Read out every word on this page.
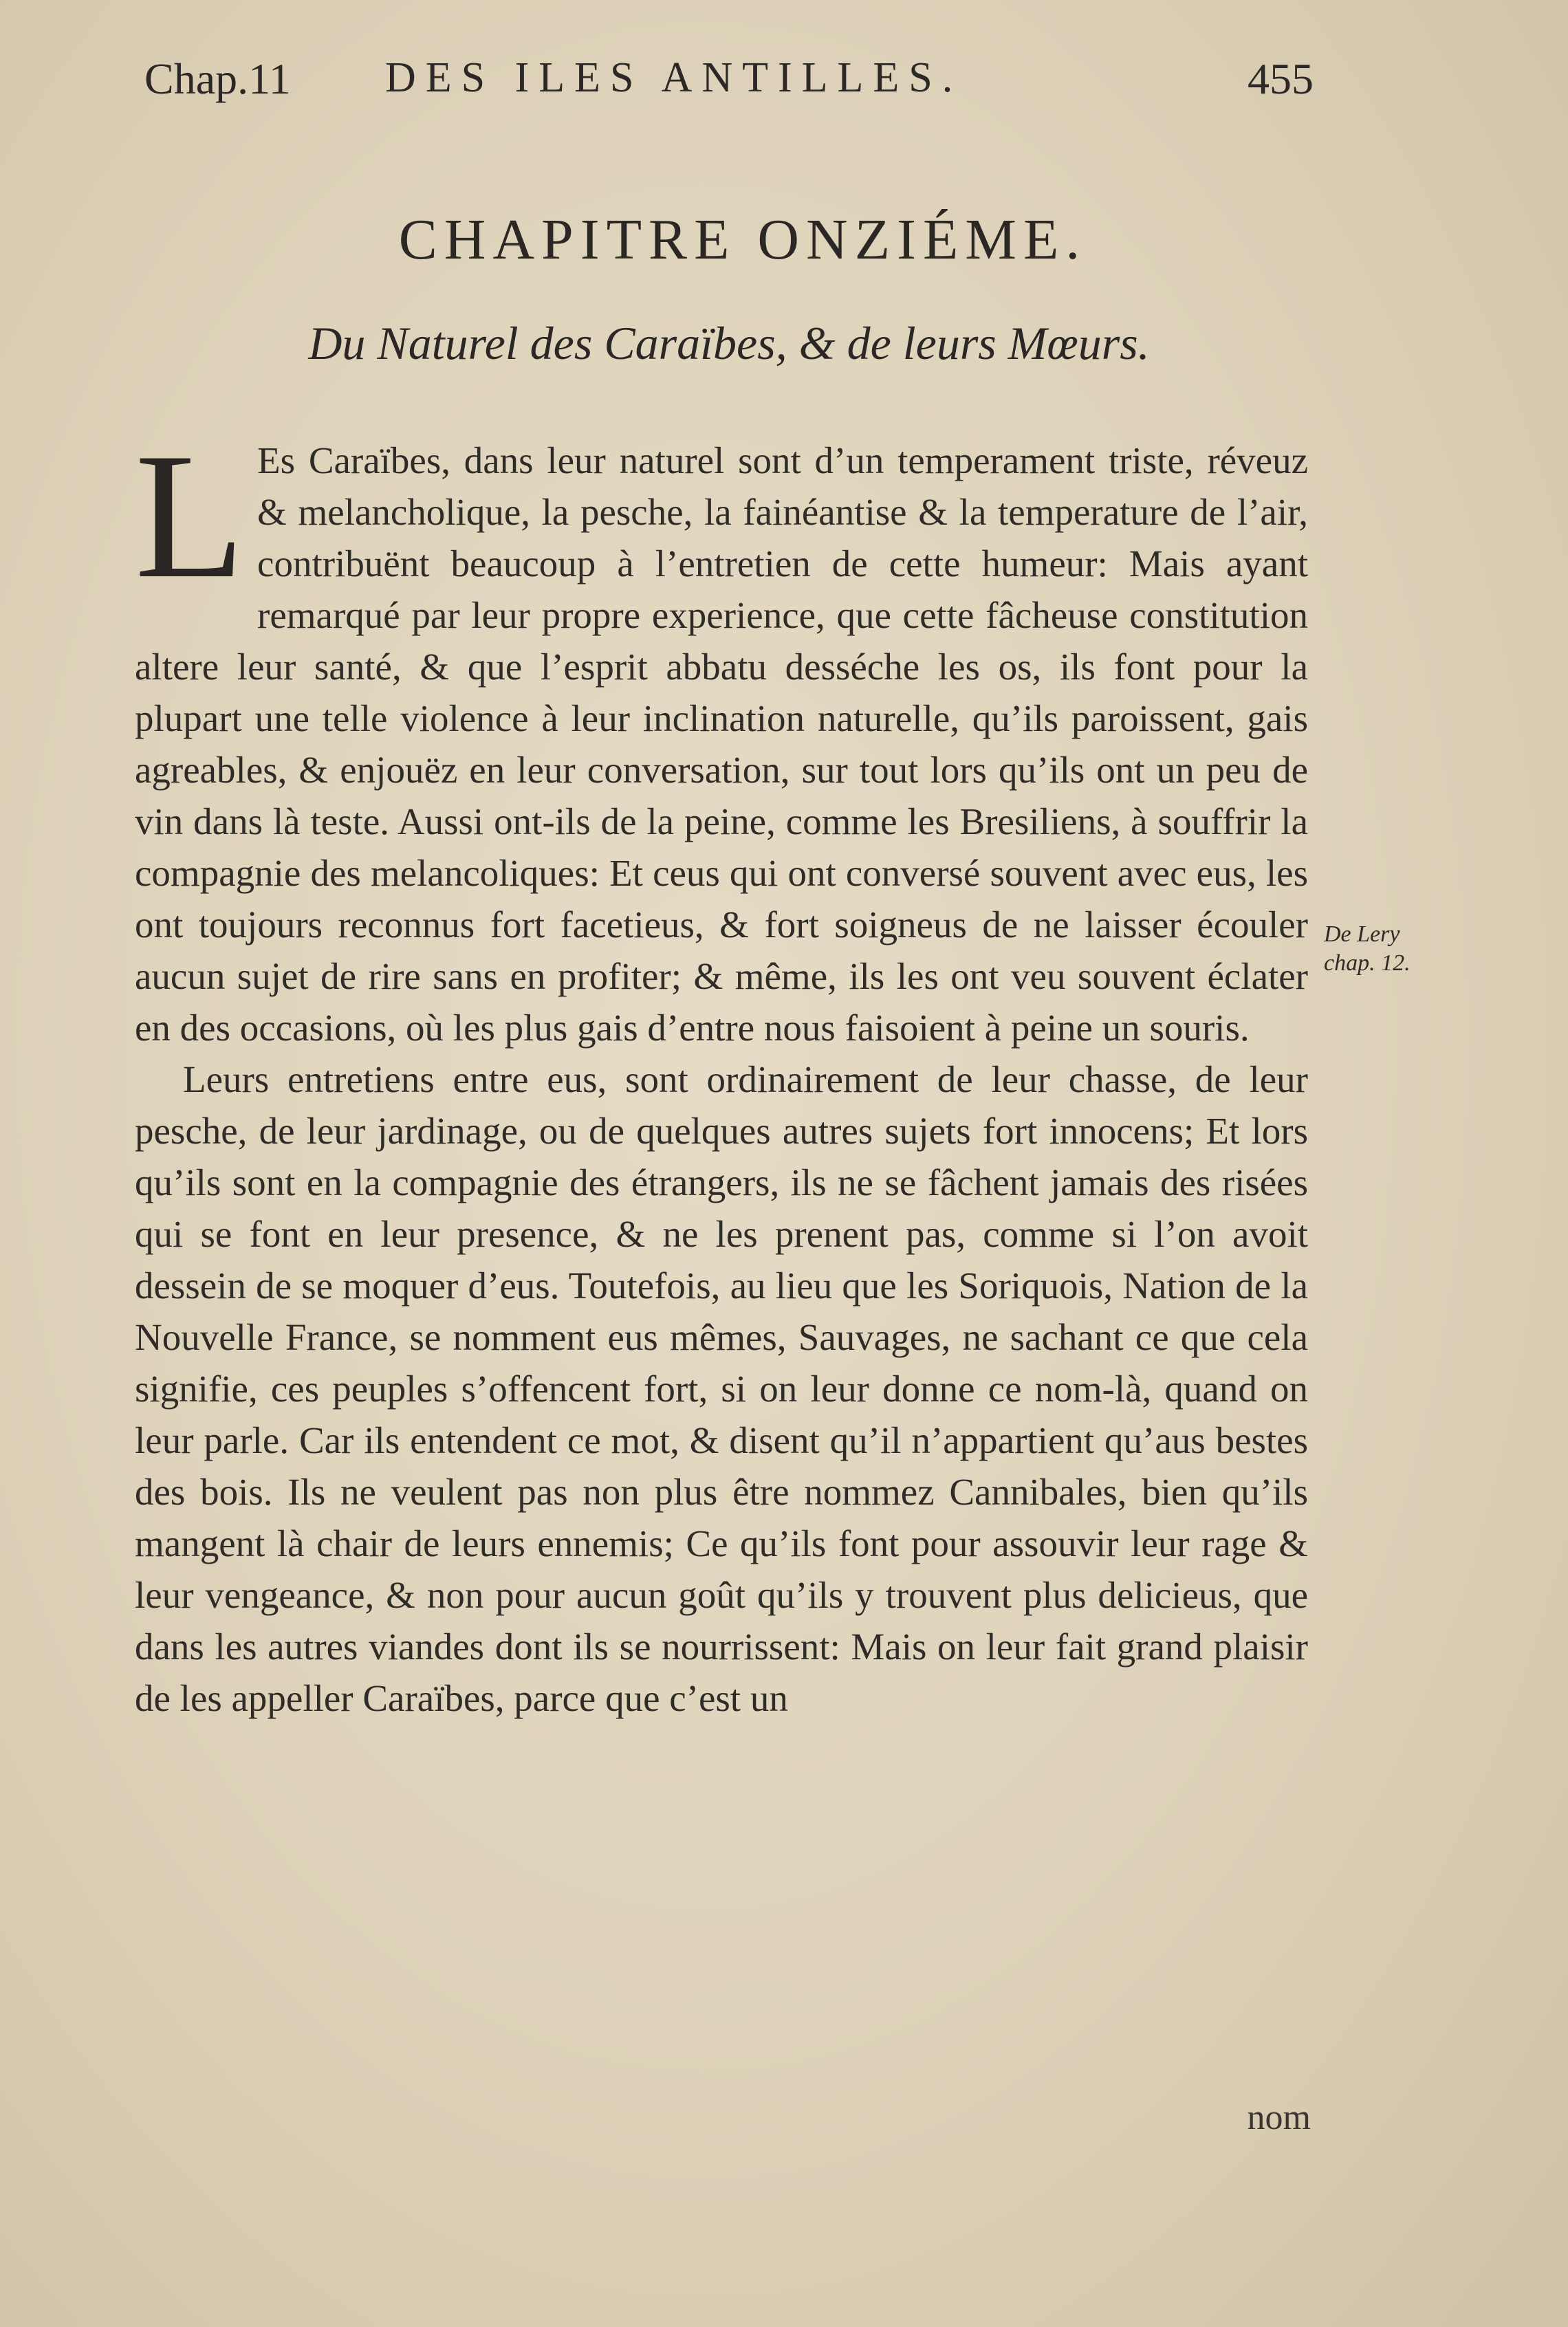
Chap.11 DES ILES ANTILLES.	455
CHAPITRE ONZIÉME.
Du Naturel des Caraïbes, & de leurs Mœurs.

L Es Caraïbes, dans leur naturel sont d’un temperament triste, réveuz & melancholique, la pesche, la fainéantise & la temperature de l’air, contribuënt beaucoup à l’entretien de cette humeur: Mais ayant remarqué par leur propre experience, que cette fâcheuse constitution altere leur santé, & que l’esprit abbatu desséche les os, ils font pour la plupart une telle violence à leur inclination naturelle, qu’ils paroissent, gais agreables, & enjouëz en leur conversation, sur tout lors qu’ils ont un peu de vin dans là teste. Aussi ont-ils de la peine, comme les Bresiliens, à souffrir la compagnie des melancoliques: Et ceus qui ont conversé souvent avec eus, les ont toujours reconnus fort facetieus, & fort soigneus de ne laisser écouler aucun sujet de rire sans en profiter; & même, ils les ont veu souvent éclater en des occasions, où les plus gais d’entre nous faisoient à peine un souris.

Leurs entretiens entre eus, sont ordinairement de leur chasse, de leur pesche, de leur jardinage, ou de quelques autres sujets fort innocens; Et lors qu’ils sont en la compagnie des étrangers, ils ne se fâchent jamais des risées qui se font en leur presence, & ne les prenent pas, comme si l’on avoit dessein de se moquer d’eus. Toutefois, au lieu que les Soriquois, Nation de la Nouvelle France, se nomment eus mêmes, Sauvages, ne sachant ce que cela signifie, ces peuples s’offencent fort, si on leur donne ce nom-là, quand on leur parle. Car ils entendent ce mot, & disent qu’il n’appartient qu’aus bestes des bois. Ils ne veulent pas non plus être nommez Cannibales, bien qu’ils mangent là chair de leurs ennemis; Ce qu’ils font pour assouvir leur rage & leur vengeance, & non pour aucun goût qu’ils y trouvent plus delicieus, que dans les autres viandes dont ils se nourrissent: Mais on leur fait grand plaisir de les appeller Caraïbes, parce que c’est un

De Lery
chap. 12.
nom
